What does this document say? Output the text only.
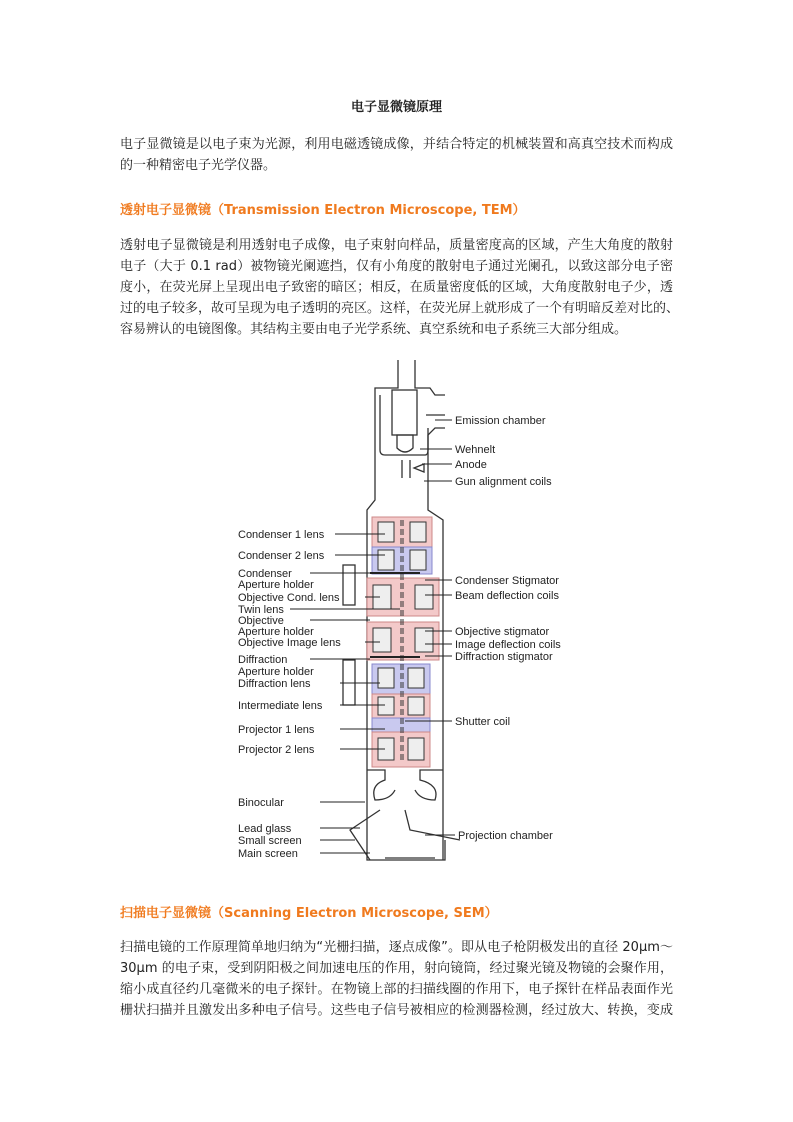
电子显微镜原理
电子显微镜是以电子束为光源，利用电磁透镜成像，并结合特定的机械装置和高真空技术而构成
的一种精密电子光学仪器。
透射电子显微镜（Transmission Electron Microscope, TEM）
透射电子显微镜是利用透射电子成像，电子束射向样品，质量密度高的区域，产生大角度的散射
电子（大于 0.1 rad）被物镜光阑遮挡，仅有小角度的散射电子通过光阑孔，以致这部分电子密
度小，在荧光屏上呈现出电子致密的暗区；相反，在质量密度低的区域，大角度散射电子少，透
过的电子较多，故可呈现为电子透明的亮区。这样，在荧光屏上就形成了一个有明暗反差对比的、
容易辨认的电镜图像。其结构主要由电子光学系统、真空系统和电子系统三大部分组成。
Condenser 1 lens
Condenser 2 lens
Condenser
Aperture holder
Objective Cond. lens
Twin lens
Objective
Aperture holder
Objective Image lens
Diffraction
Aperture holder
Diffraction lens
Intermediate lens
Projector 1 lens
Projector 2 lens
Binocular
Lead glass
Small screen
Main screen
Emission chamber
Wehnelt
Anode
Gun alignment coils
Condenser Stigmator
Beam deflection coils
Objective stigmator
Image deflection coils
Diffraction stigmator
Shutter coil
Projection chamber
扫描电子显微镜（Scanning Electron Microscope, SEM）
扫描电镜的工作原理简单地归纳为“光栅扫描，逐点成像”。即从电子枪阴极发出的直径 20μm～
30μm 的电子束，受到阴阳极之间加速电压的作用，射向镜筒，经过聚光镜及物镜的会聚作用，
缩小成直径约几毫微米的电子探针。在物镜上部的扫描线圈的作用下，电子探针在样品表面作光
栅状扫描并且激发出多种电子信号。这些电子信号被相应的检测器检测，经过放大、转换，变成
